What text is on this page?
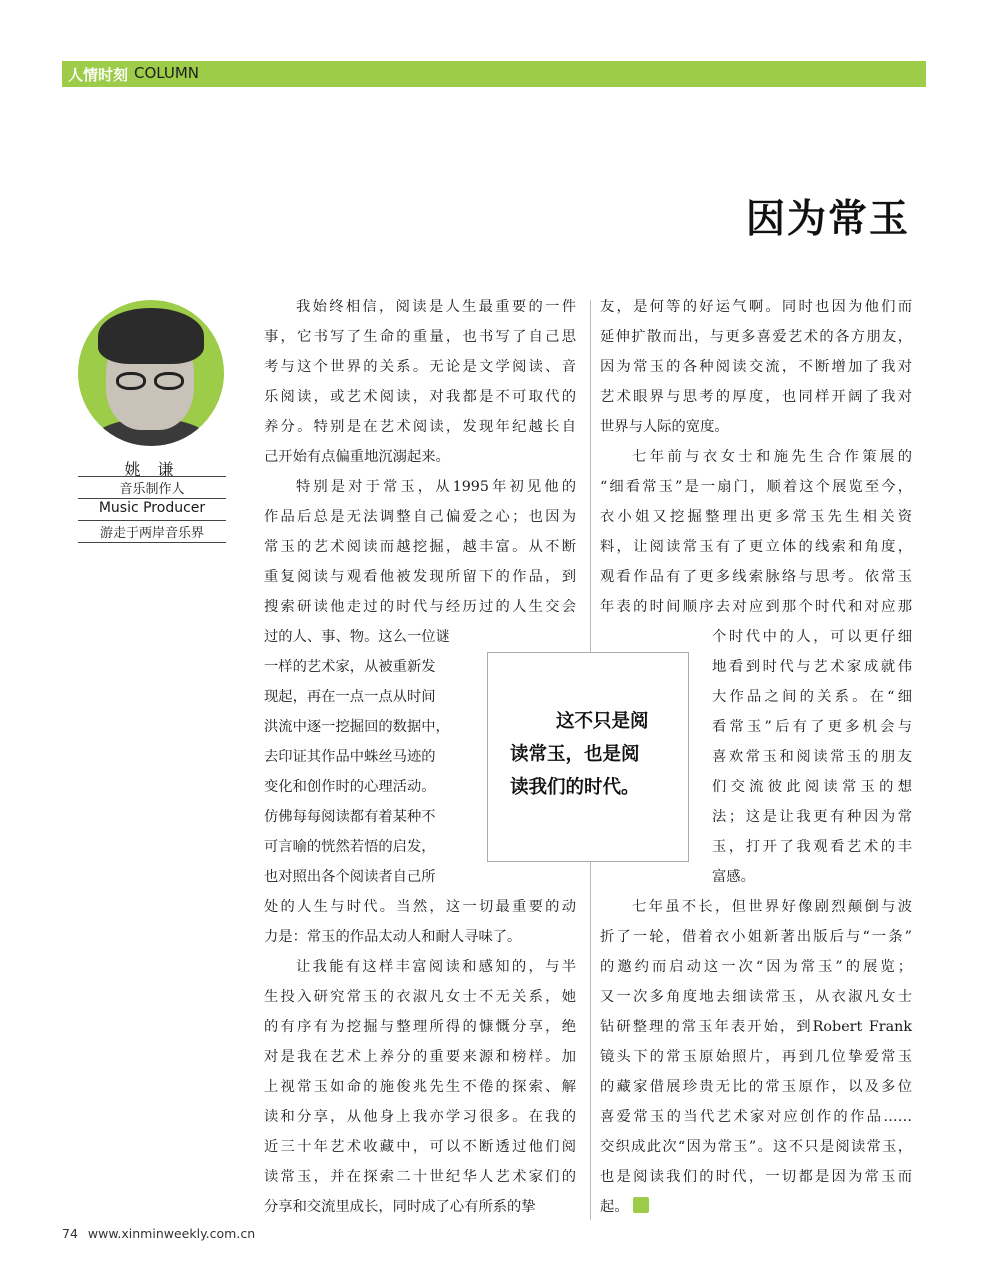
人情时刻 COLUMN
因为常玉
姚 谦
音乐制作人
Music Producer
游走于两岸音乐界
我始终相信，阅读是人生最重要的一件
事，它书写了生命的重量，也书写了自己思
考与这个世界的关系。无论是文学阅读、音
乐阅读，或艺术阅读，对我都是不可取代的
养分。特别是在艺术阅读，发现年纪越长自
己开始有点偏重地沉溺起来。
特别是对于常玉，从1995年初见他的
作品后总是无法调整自己偏爱之心；也因为
常玉的艺术阅读而越挖掘，越丰富。从不断
重复阅读与观看他被发现所留下的作品，到
搜索研读他走过的时代与经历过的人生交会
过的人、事、物。这么一位谜
一样的艺术家，从被重新发
现起，再在一点一点从时间
洪流中逐一挖掘回的数据中，
去印证其作品中蛛丝马迹的
变化和创作时的心理活动。
仿佛每每阅读都有着某种不
可言喻的恍然若悟的启发，
也对照出各个阅读者自己所
处的人生与时代。当然，这一切最重要的动
力是：常玉的作品太动人和耐人寻味了。
让我能有这样丰富阅读和感知的，与半
生投入研究常玉的衣淑凡女士不无关系，她
的有序有为挖掘与整理所得的慷慨分享，绝
对是我在艺术上养分的重要来源和榜样。加
上视常玉如命的施俊兆先生不倦的探索、解
读和分享，从他身上我亦学习很多。在我的
近三十年艺术收藏中，可以不断透过他们阅
读常玉，并在探索二十世纪华人艺术家们的
分享和交流里成长，同时成了心有所系的挚
友，是何等的好运气啊。同时也因为他们而
延伸扩散而出，与更多喜爱艺术的各方朋友，
因为常玉的各种阅读交流，不断增加了我对
艺术眼界与思考的厚度，也同样开阔了我对
世界与人际的宽度。
七年前与衣女士和施先生合作策展的
“细看常玉”是一扇门，顺着这个展览至今，
衣小姐又挖掘整理出更多常玉先生相关资
料，让阅读常玉有了更立体的线索和角度，
观看作品有了更多线索脉络与思考。依常玉
年表的时间顺序去对应到那个时代和对应那
个时代中的人，可以更仔细
地看到时代与艺术家成就伟
大作品之间的关系。在“细
看常玉”后有了更多机会与
喜欢常玉和阅读常玉的朋友
们交流彼此阅读常玉的想
法；这是让我更有种因为常
玉，打开了我观看艺术的丰
富感。
七年虽不长，但世界好像剧烈颠倒与波
折了一轮，借着衣小姐新著出版后与“一条”
的邀约而启动这一次“因为常玉”的展览；
又一次多角度地去细读常玉，从衣淑凡女士
钻研整理的常玉年表开始，到Robert Frank
镜头下的常玉原始照片，再到几位挚爱常玉
的藏家借展珍贵无比的常玉原作，以及多位
喜爱常玉的当代艺术家对应创作的作品……
交织成此次“因为常玉”。这不只是阅读常玉，
也是阅读我们的时代，一切都是因为常玉而
起。
这不只是阅
读常玉，也是阅
读我们的时代。
74 www.xinminweekly.com.cn
